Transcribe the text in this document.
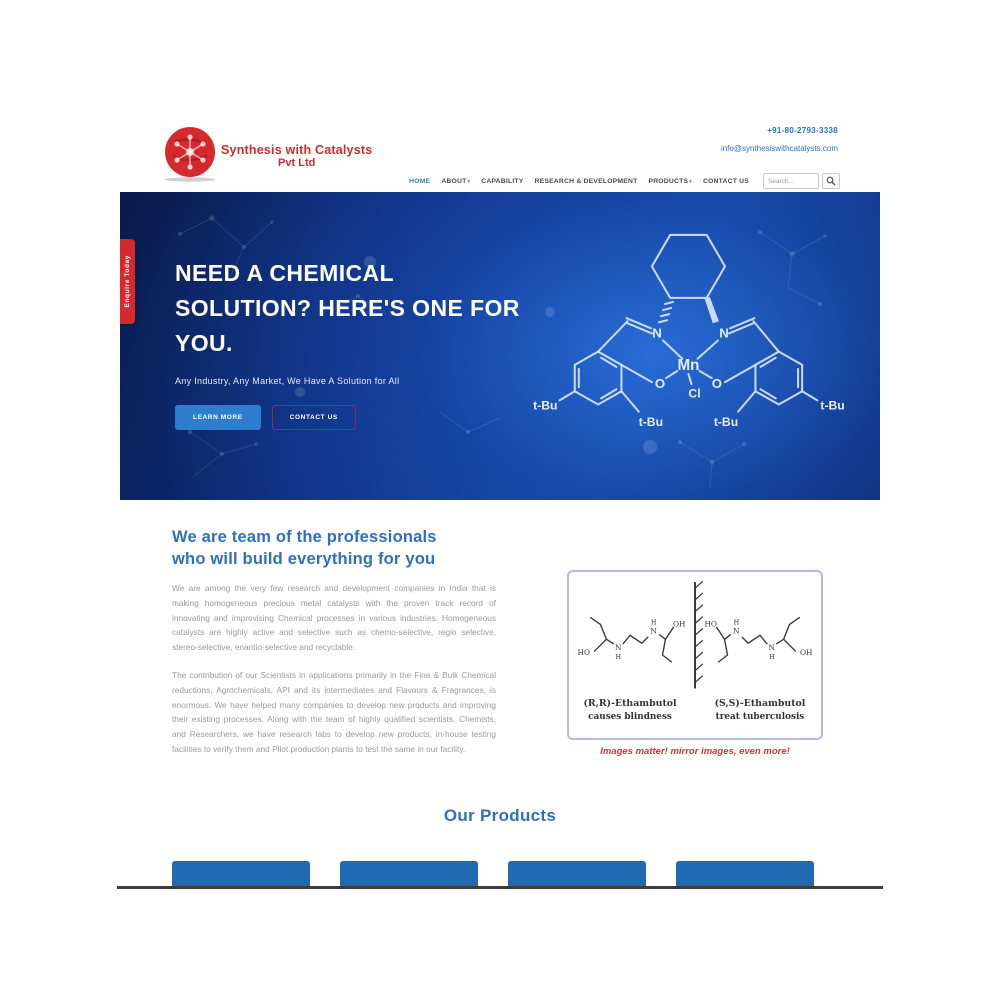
Synthesis with Catalysts
Pvt Ltd
+91-80-2793-3338
info@synthesiswithcatalysts.com
HOME ABOUT▾ CAPABILITY RESEARCH & DEVELOPMENT PRODUCTS▾ CONTACT US
Search...
Enquire Today NEED A CHEMICAL
SOLUTION? HERE'S ONE FOR
YOU.
Any Industry, Any Market, We Have A Solution for All
LEARN MORE	CONTACT US
N	N
Mn
Cl
O	O
t-Bu
t-Bu	t-Bu
t-Bu
We are team of the professionals
who will build everything for you

We are among the very few research and development companies in India that is making homogeneous precious metal catalysts with the proven track record of innovating and improvising Chemical processes in various industries. Homogeneous catalysts are highly active and selective such as chemo-selective, regio selective, stereo-selective, enantio-selective and recyclable.

The contribution of our Scientists in applications primarily in the Fine & Bulk Chemical reductions, Agrochemicals, API and its intermediates and Flavours & Fragrances, is enormous. We have helped many companies to develop new products and improving their existing processes. Along with the team of highly qualified scientists, Chemists, and Researchers, we have research labs to develop new products, in-house testing facilities to verify them and Pilot production plants to test the same in our facility.

HO
OH
N
H
N
H
OH
HO
N
H
N
H
(R,R)-Ethambutol
causes blindness
(S,S)-Ethambutol
treat tuberculosis
Images matter! mirror images, even more!
Our Products
